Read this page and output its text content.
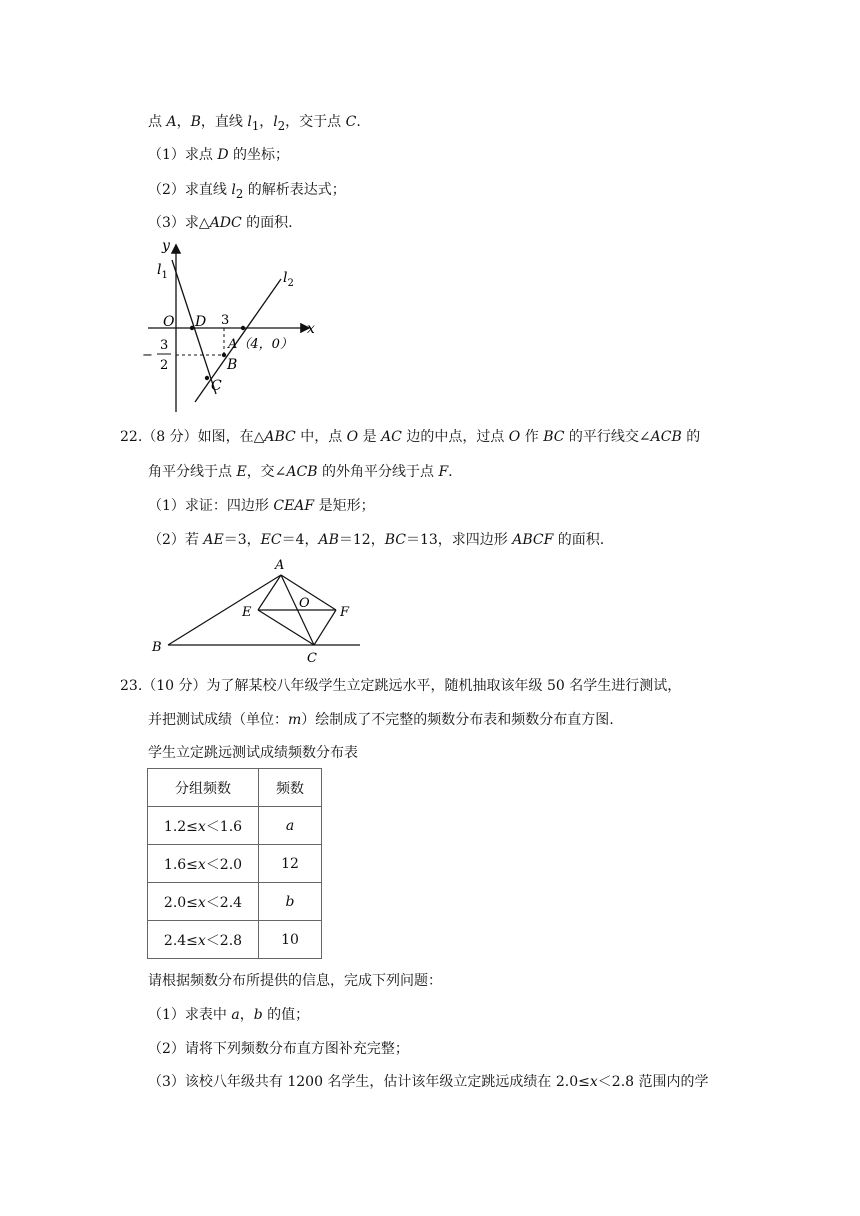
点 A，B，直线 $l_1$，$l_2$，交于点 C.
（1）求点 D 的坐标；
（2）求直线 $l_2$ 的解析表达式；
（3）求△ADC 的面积.
y
x
$l_1$	$l_2$
O D 3
A（4，0）
B
C
−
3
2
22.（8 分）如图，在△ABC 中，点 O 是 AC 边的中点，过点 O 作 BC 的平行线交∠ACB 的
角平分线于点 E，交∠ACB 的外角平分线于点 F.
（1）求证：四边形 CEAF 是矩形；
（2）若 AE＝3，EC＝4，AB＝12，BC＝13，求四边形 ABCF 的面积.
A
B
C
E
O
F
23.（10 分）为了解某校八年级学生立定跳远水平，随机抽取该年级 50 名学生进行测试，
并把测试成绩（单位：m）绘制成了不完整的频数分布表和频数分布直方图.
学生立定跳远测试成绩频数分布表
分组频数	频数
1.2≤x＜1.6	a
1.6≤x＜2.0	12
2.0≤x＜2.4	b
2.4≤x＜2.8	10
请根据频数分布所提供的信息，完成下列问题：
（1）求表中 a，b 的值；
（2）请将下列频数分布直方图补充完整；
（3）该校八年级共有 1200 名学生，估计该年级立定跳远成绩在 2.0≤x＜2.8 范围内的学
